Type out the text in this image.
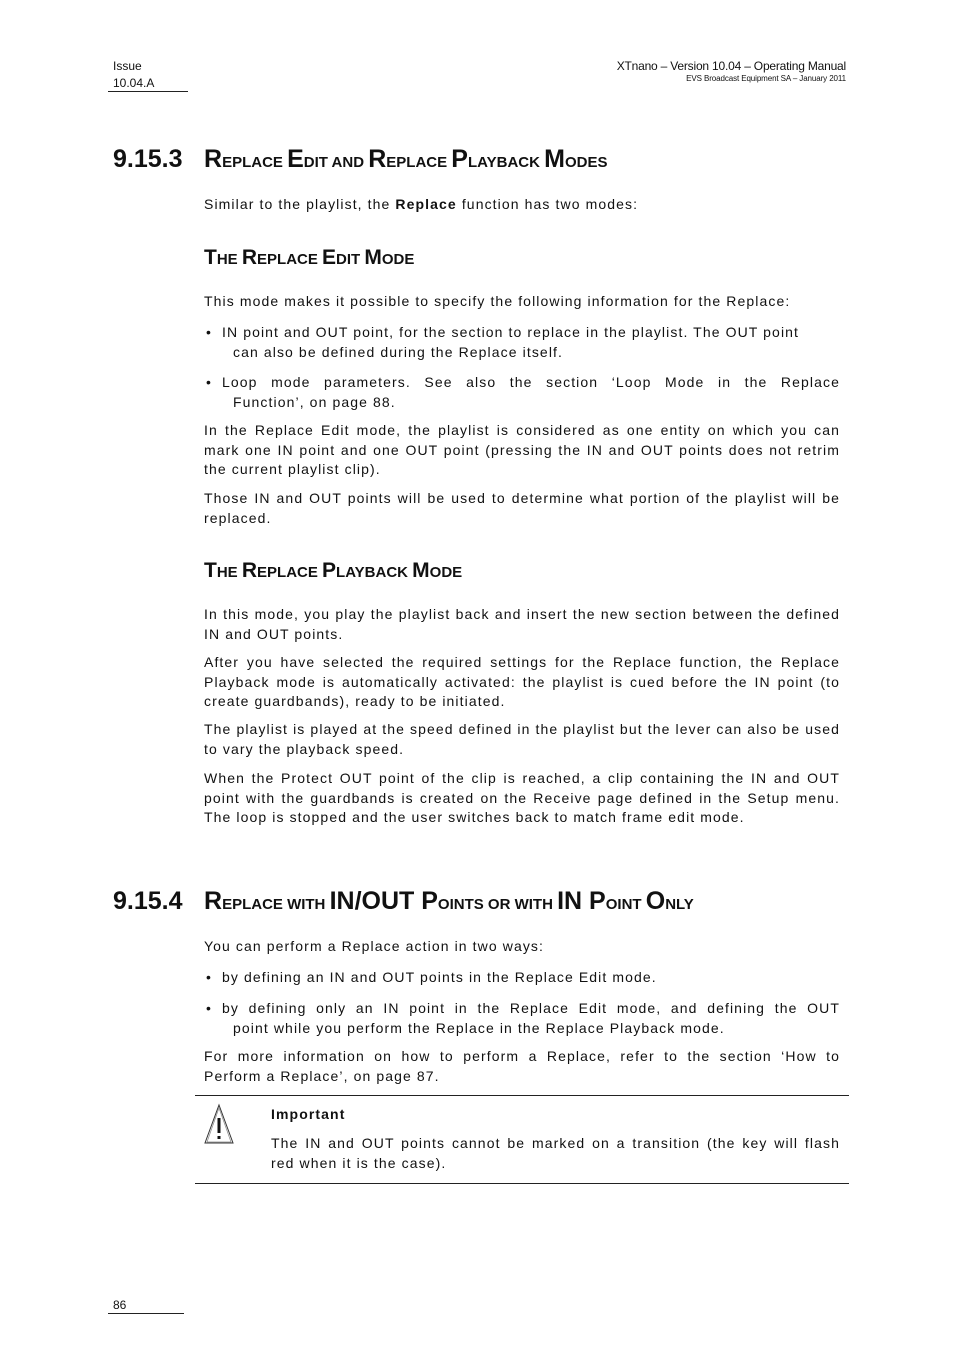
Issue
10.04.A
XTnano – Version 10.04 – Operating Manual
EVS Broadcast Equipment SA – January 2011
9.15.3 REPLACE EDIT AND REPLACE PLAYBACK MODES

Similar to the playlist, the Replace function has two modes:

THE REPLACE EDIT MODE

This mode makes it possible to specify the following information for the Replace:

• IN point and OUT point, for the section to replace in the playlist. The OUT point
can also be defined during the Replace itself.
• Loop mode parameters. See also the section ‘Loop Mode in the Replace
Function’, on page 88.

In the Replace Edit mode, the playlist is considered as one entity on which you can mark one IN point and one OUT point (pressing the IN and OUT points does not retrim the current playlist clip).

Those IN and OUT points will be used to determine what portion of the playlist will be replaced.

THE REPLACE PLAYBACK MODE

In this mode, you play the playlist back and insert the new section between the defined IN and OUT points.

After you have selected the required settings for the Replace function, the Replace Playback mode is automatically activated: the playlist is cued before the IN point (to create guardbands), ready to be initiated.

The playlist is played at the speed defined in the playlist but the lever can also be used to vary the playback speed.

When the Protect OUT point of the clip is reached, a clip containing the IN and OUT point with the guardbands is created on the Receive page defined in the Setup menu. The loop is stopped and the user switches back to match frame edit mode.

9.15.4 REPLACE WITH IN/OUT POINTS OR WITH IN POINT ONLY

You can perform a Replace action in two ways:

• by defining an IN and OUT points in the Replace Edit mode.
• by defining only an IN point in the Replace Edit mode, and defining the OUT
point while you perform the Replace in the Replace Playback mode.

For more information on how to perform a Replace, refer to the section ‘How to Perform a Replace’, on page 87.

Important

The IN and OUT points cannot be marked on a transition (the key will flash red when it is the case).

86
